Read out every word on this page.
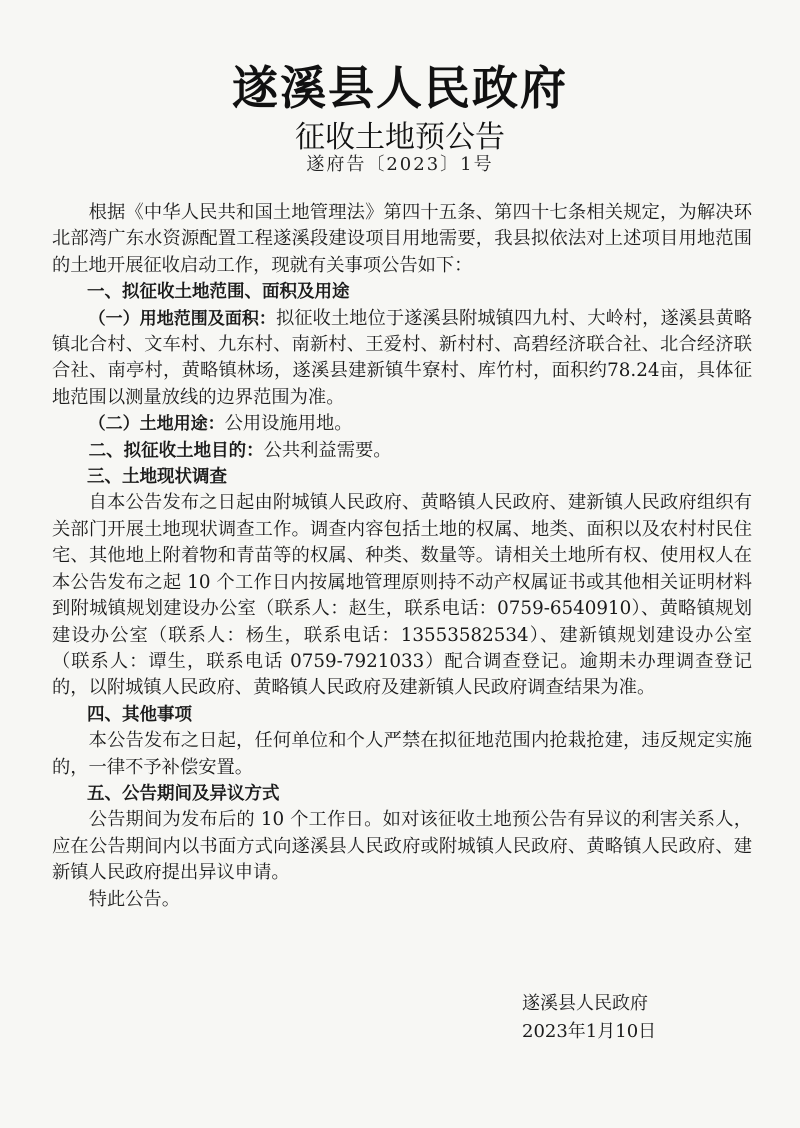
遂溪县人民政府
征收土地预公告
遂府告〔2023〕1号

根据《中华人民共和国土地管理法》第四十五条、第四十七条相关规定，为解决环北部湾广东水资源配置工程遂溪段建设项目用地需要，我县拟依法对上述项目用地范围的土地开展征收启动工作，现就有关事项公告如下：

一、拟征收土地范围、面积及用途

（一）用地范围及面积：拟征收土地位于遂溪县附城镇四九村、大岭村，遂溪县黄略镇北合村、文车村、九东村、南新村、王爱村、新村村、高碧经济联合社、北合经济联合社、南亭村，黄略镇林场，遂溪县建新镇牛寮村、库竹村，面积约78.24亩，具体征地范围以测量放线的边界范围为准。

（二）土地用途：公用设施用地。

二、拟征收土地目的：公共利益需要。

三、土地现状调查

自本公告发布之日起由附城镇人民政府、黄略镇人民政府、建新镇人民政府组织有关部门开展土地现状调查工作。调查内容包括土地的权属、地类、面积以及农村村民住宅、其他地上附着物和青苗等的权属、种类、数量等。请相关土地所有权、使用权人在本公告发布之起 10 个工作日内按属地管理原则持不动产权属证书或其他相关证明材料到附城镇规划建设办公室（联系人：赵生，联系电话：0759-6540910）、黄略镇规划建设办公室（联系人：杨生，联系电话：13553582534）、建新镇规划建设办公室（联系人：谭生，联系电话 0759-7921033）配合调查登记。逾期未办理调查登记的，以附城镇人民政府、黄略镇人民政府及建新镇人民政府调查结果为准。

四、其他事项

本公告发布之日起，任何单位和个人严禁在拟征地范围内抢栽抢建，违反规定实施的，一律不予补偿安置。

五、公告期间及异议方式

公告期间为发布后的 10 个工作日。如对该征收土地预公告有异议的利害关系人，应在公告期间内以书面方式向遂溪县人民政府或附城镇人民政府、黄略镇人民政府、建新镇人民政府提出异议申请。

特此公告。

遂溪县人民政府
2023年1月10日
